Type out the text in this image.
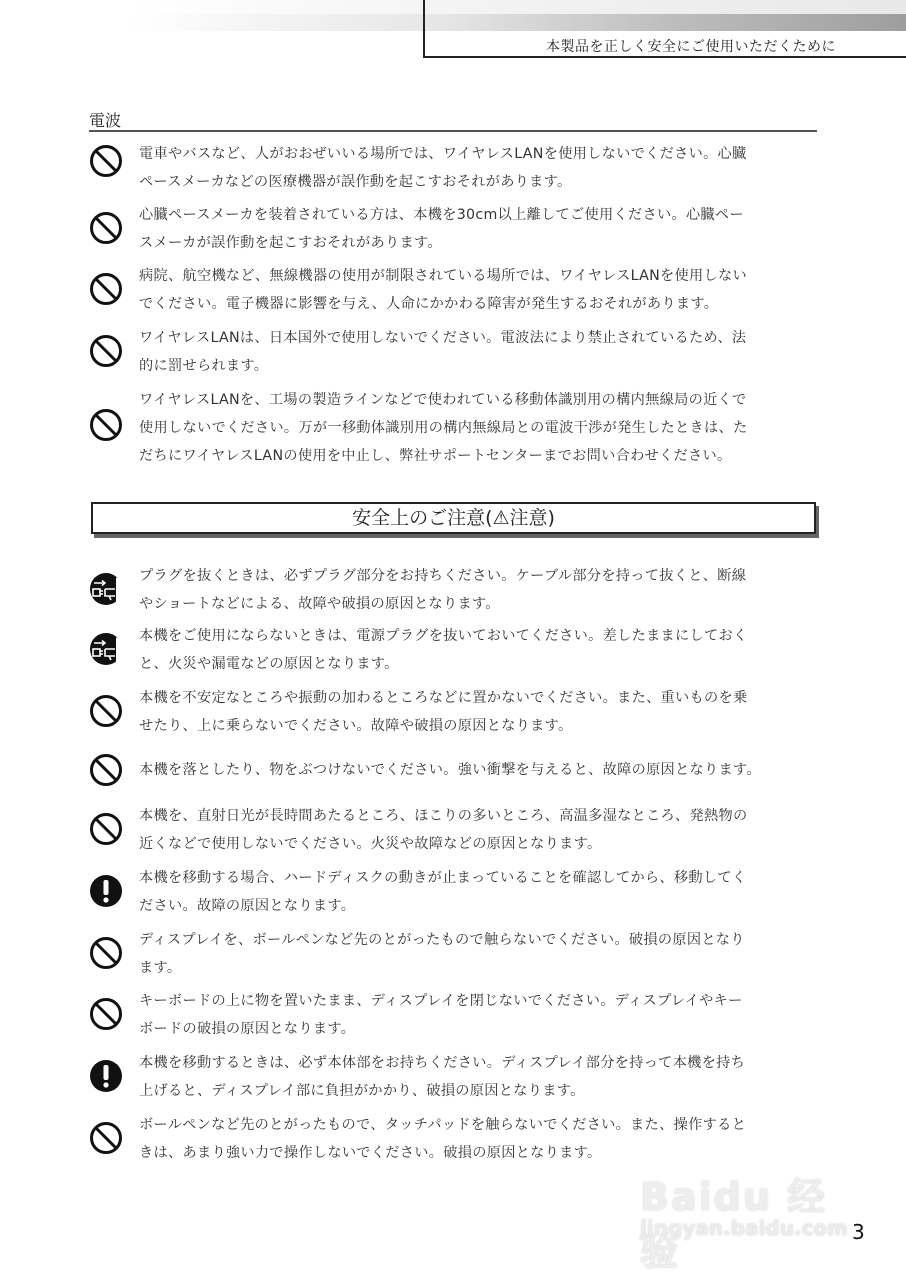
本製品を正しく安全にご使用いただくために
電波
電車やバスなど、人がおおぜいいる場所では、ワイヤレスLANを使用しないでください。心臓
ペースメーカなどの医療機器が誤作動を起こすおそれがあります。
心臓ペースメーカを装着されている方は、本機を30cm以上離してご使用ください。心臓ペー
スメーカが誤作動を起こすおそれがあります。
病院、航空機など、無線機器の使用が制限されている場所では、ワイヤレスLANを使用しない
でください。電子機器に影響を与え、人命にかかわる障害が発生するおそれがあります。
ワイヤレスLANは、日本国外で使用しないでください。電波法により禁止されているため、法
的に罰せられます。
ワイヤレスLANを、工場の製造ラインなどで使われている移動体識別用の構内無線局の近くで
使用しないでください。万が一移動体識別用の構内無線局との電波干渉が発生したときは、た
だちにワイヤレスLANの使用を中止し、弊社サポートセンターまでお問い合わせください。
安全上のご注意(⚠注意)
プラグを抜くときは、必ずプラグ部分をお持ちください。ケーブル部分を持って抜くと、断線
やショートなどによる、故障や破損の原因となります。
本機をご使用にならないときは、電源プラグを抜いておいてください。差したままにしておく
と、火災や漏電などの原因となります。
本機を不安定なところや振動の加わるところなどに置かないでください。また、重いものを乗
せたり、上に乗らないでください。故障や破損の原因となります。
本機を落としたり、物をぶつけないでください。強い衝撃を与えると、故障の原因となります。
本機を、直射日光が長時間あたるところ、ほこりの多いところ、高温多湿なところ、発熱物の
近くなどで使用しないでください。火災や故障などの原因となります。
本機を移動する場合、ハードディスクの動きが止まっていることを確認してから、移動してく
ださい。故障の原因となります。
ディスプレイを、ボールペンなど先のとがったもので触らないでください。破損の原因となり
ます。
キーボードの上に物を置いたまま、ディスプレイを閉じないでください。ディスプレイやキー
ボードの破損の原因となります。
本機を移動するときは、必ず本体部をお持ちください。ディスプレイ部分を持って本機を持ち
上げると、ディスプレイ部に負担がかかり、破損の原因となります。
ボールペンなど先のとがったもので、タッチパッドを触らないでください。また、操作すると
きは、あまり強い力で操作しないでください。破損の原因となります。
Baidu 经验
jingyan.baidu.com 3
